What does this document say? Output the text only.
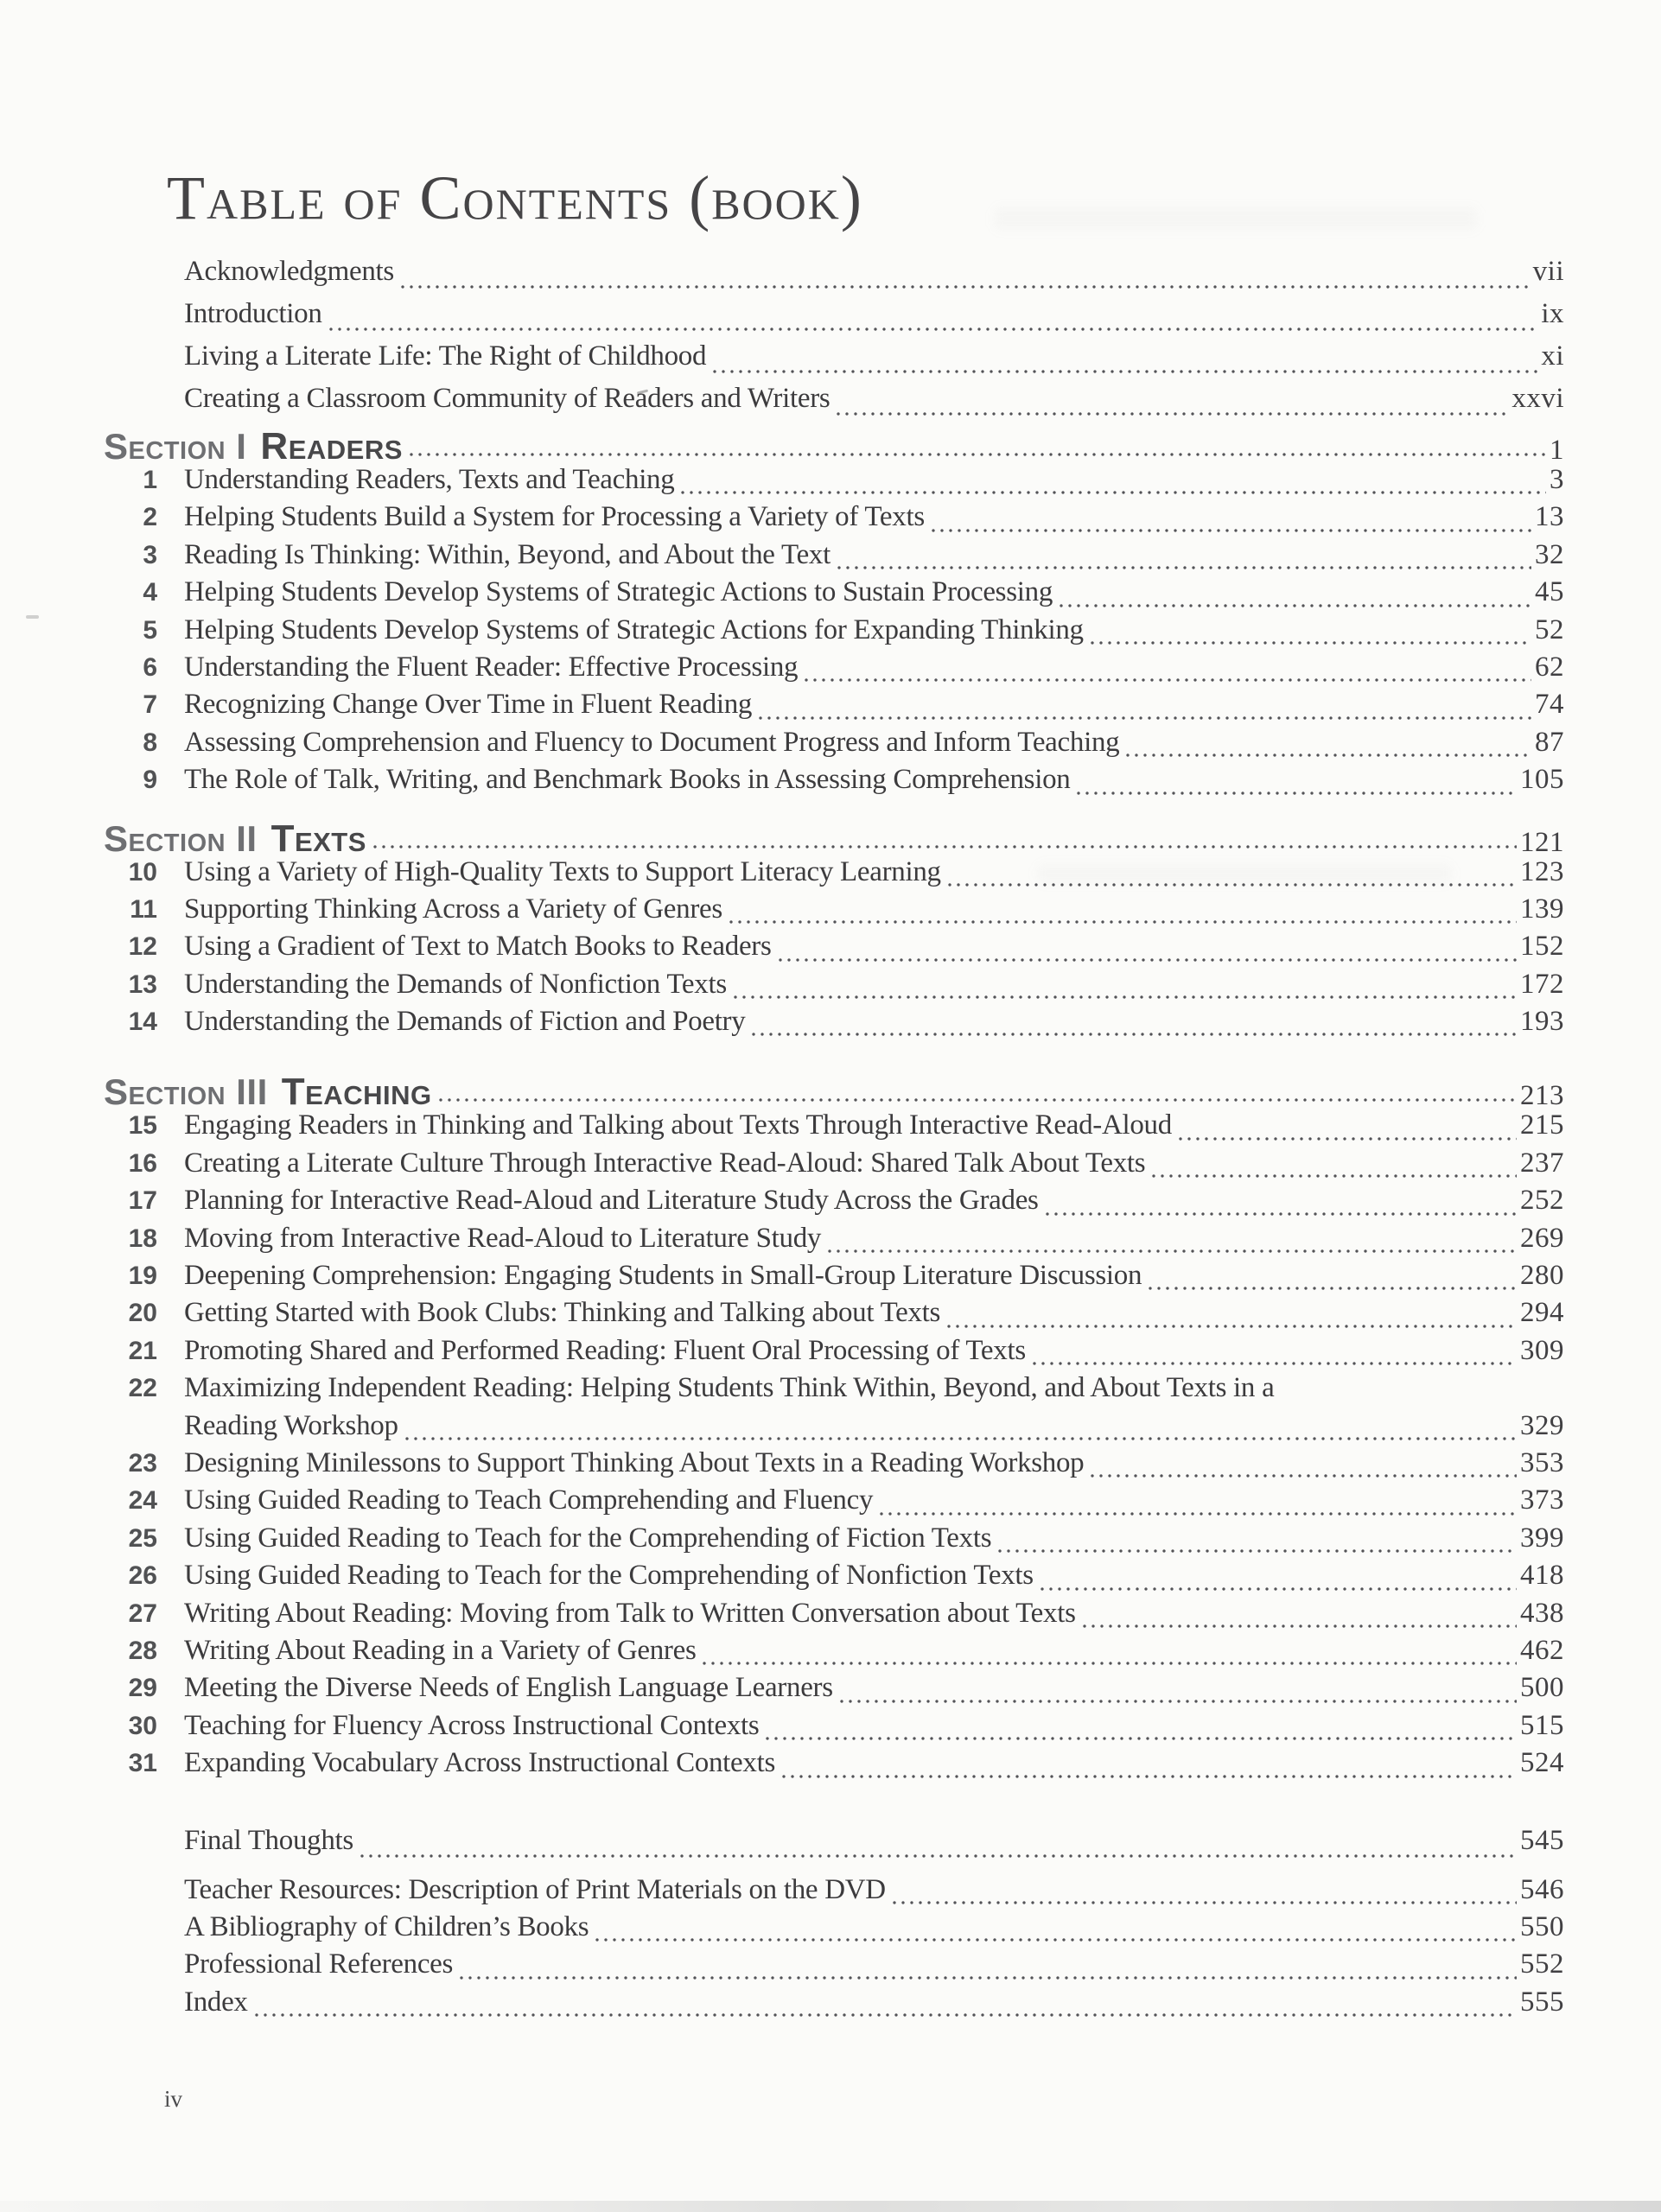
Table of Contents (book)
Acknowledgments	vii
Introduction	ix
Living a Literate Life: The Right of Childhood	xi
Creating a Classroom Community of Readers and Writers	xxvi
Section I Readers	1
1 Understanding Readers, Texts and Teaching	3
2 Helping Students Build a System for Processing a Variety of Texts	13
3 Reading Is Thinking: Within, Beyond, and About the Text	32
4 Helping Students Develop Systems of Strategic Actions to Sustain Processing	45
5 Helping Students Develop Systems of Strategic Actions for Expanding Thinking	52
6 Understanding the Fluent Reader: Effective Processing	62
7 Recognizing Change Over Time in Fluent Reading	74
8 Assessing Comprehension and Fluency to Document Progress and Inform Teaching	87
9 The Role of Talk, Writing, and Benchmark Books in Assessing Comprehension	105
Section II Texts	121
10 Using a Variety of High-Quality Texts to Support Literacy Learning	123
11 Supporting Thinking Across a Variety of Genres	139
12 Using a Gradient of Text to Match Books to Readers	152
13 Understanding the Demands of Nonfiction Texts	172
14 Understanding the Demands of Fiction and Poetry	193
Section III Teaching	213
15 Engaging Readers in Thinking and Talking about Texts Through Interactive Read-Aloud	215
16 Creating a Literate Culture Through Interactive Read-Aloud: Shared Talk About Texts	237
17 Planning for Interactive Read-Aloud and Literature Study Across the Grades	252
18 Moving from Interactive Read-Aloud to Literature Study	269
19 Deepening Comprehension: Engaging Students in Small-Group Literature Discussion	280
20 Getting Started with Book Clubs: Thinking and Talking about Texts	294
21 Promoting Shared and Performed Reading: Fluent Oral Processing of Texts	309
22 Maximizing Independent Reading: Helping Students Think Within, Beyond, and About Texts in a
Reading Workshop	329
23 Designing Minilessons to Support Thinking About Texts in a Reading Workshop	353
24 Using Guided Reading to Teach Comprehending and Fluency	373
25 Using Guided Reading to Teach for the Comprehending of Fiction Texts	399
26 Using Guided Reading to Teach for the Comprehending of Nonfiction Texts	418
27 Writing About Reading: Moving from Talk to Written Conversation about Texts	438
28 Writing About Reading in a Variety of Genres	462
29 Meeting the Diverse Needs of English Language Learners	500
30 Teaching for Fluency Across Instructional Contexts	515
31 Expanding Vocabulary Across Instructional Contexts	524
Final Thoughts	545
Teacher Resources: Description of Print Materials on the DVD	546
A Bibliography of Children’s Books	550
Professional References	552
Index	555
iv
